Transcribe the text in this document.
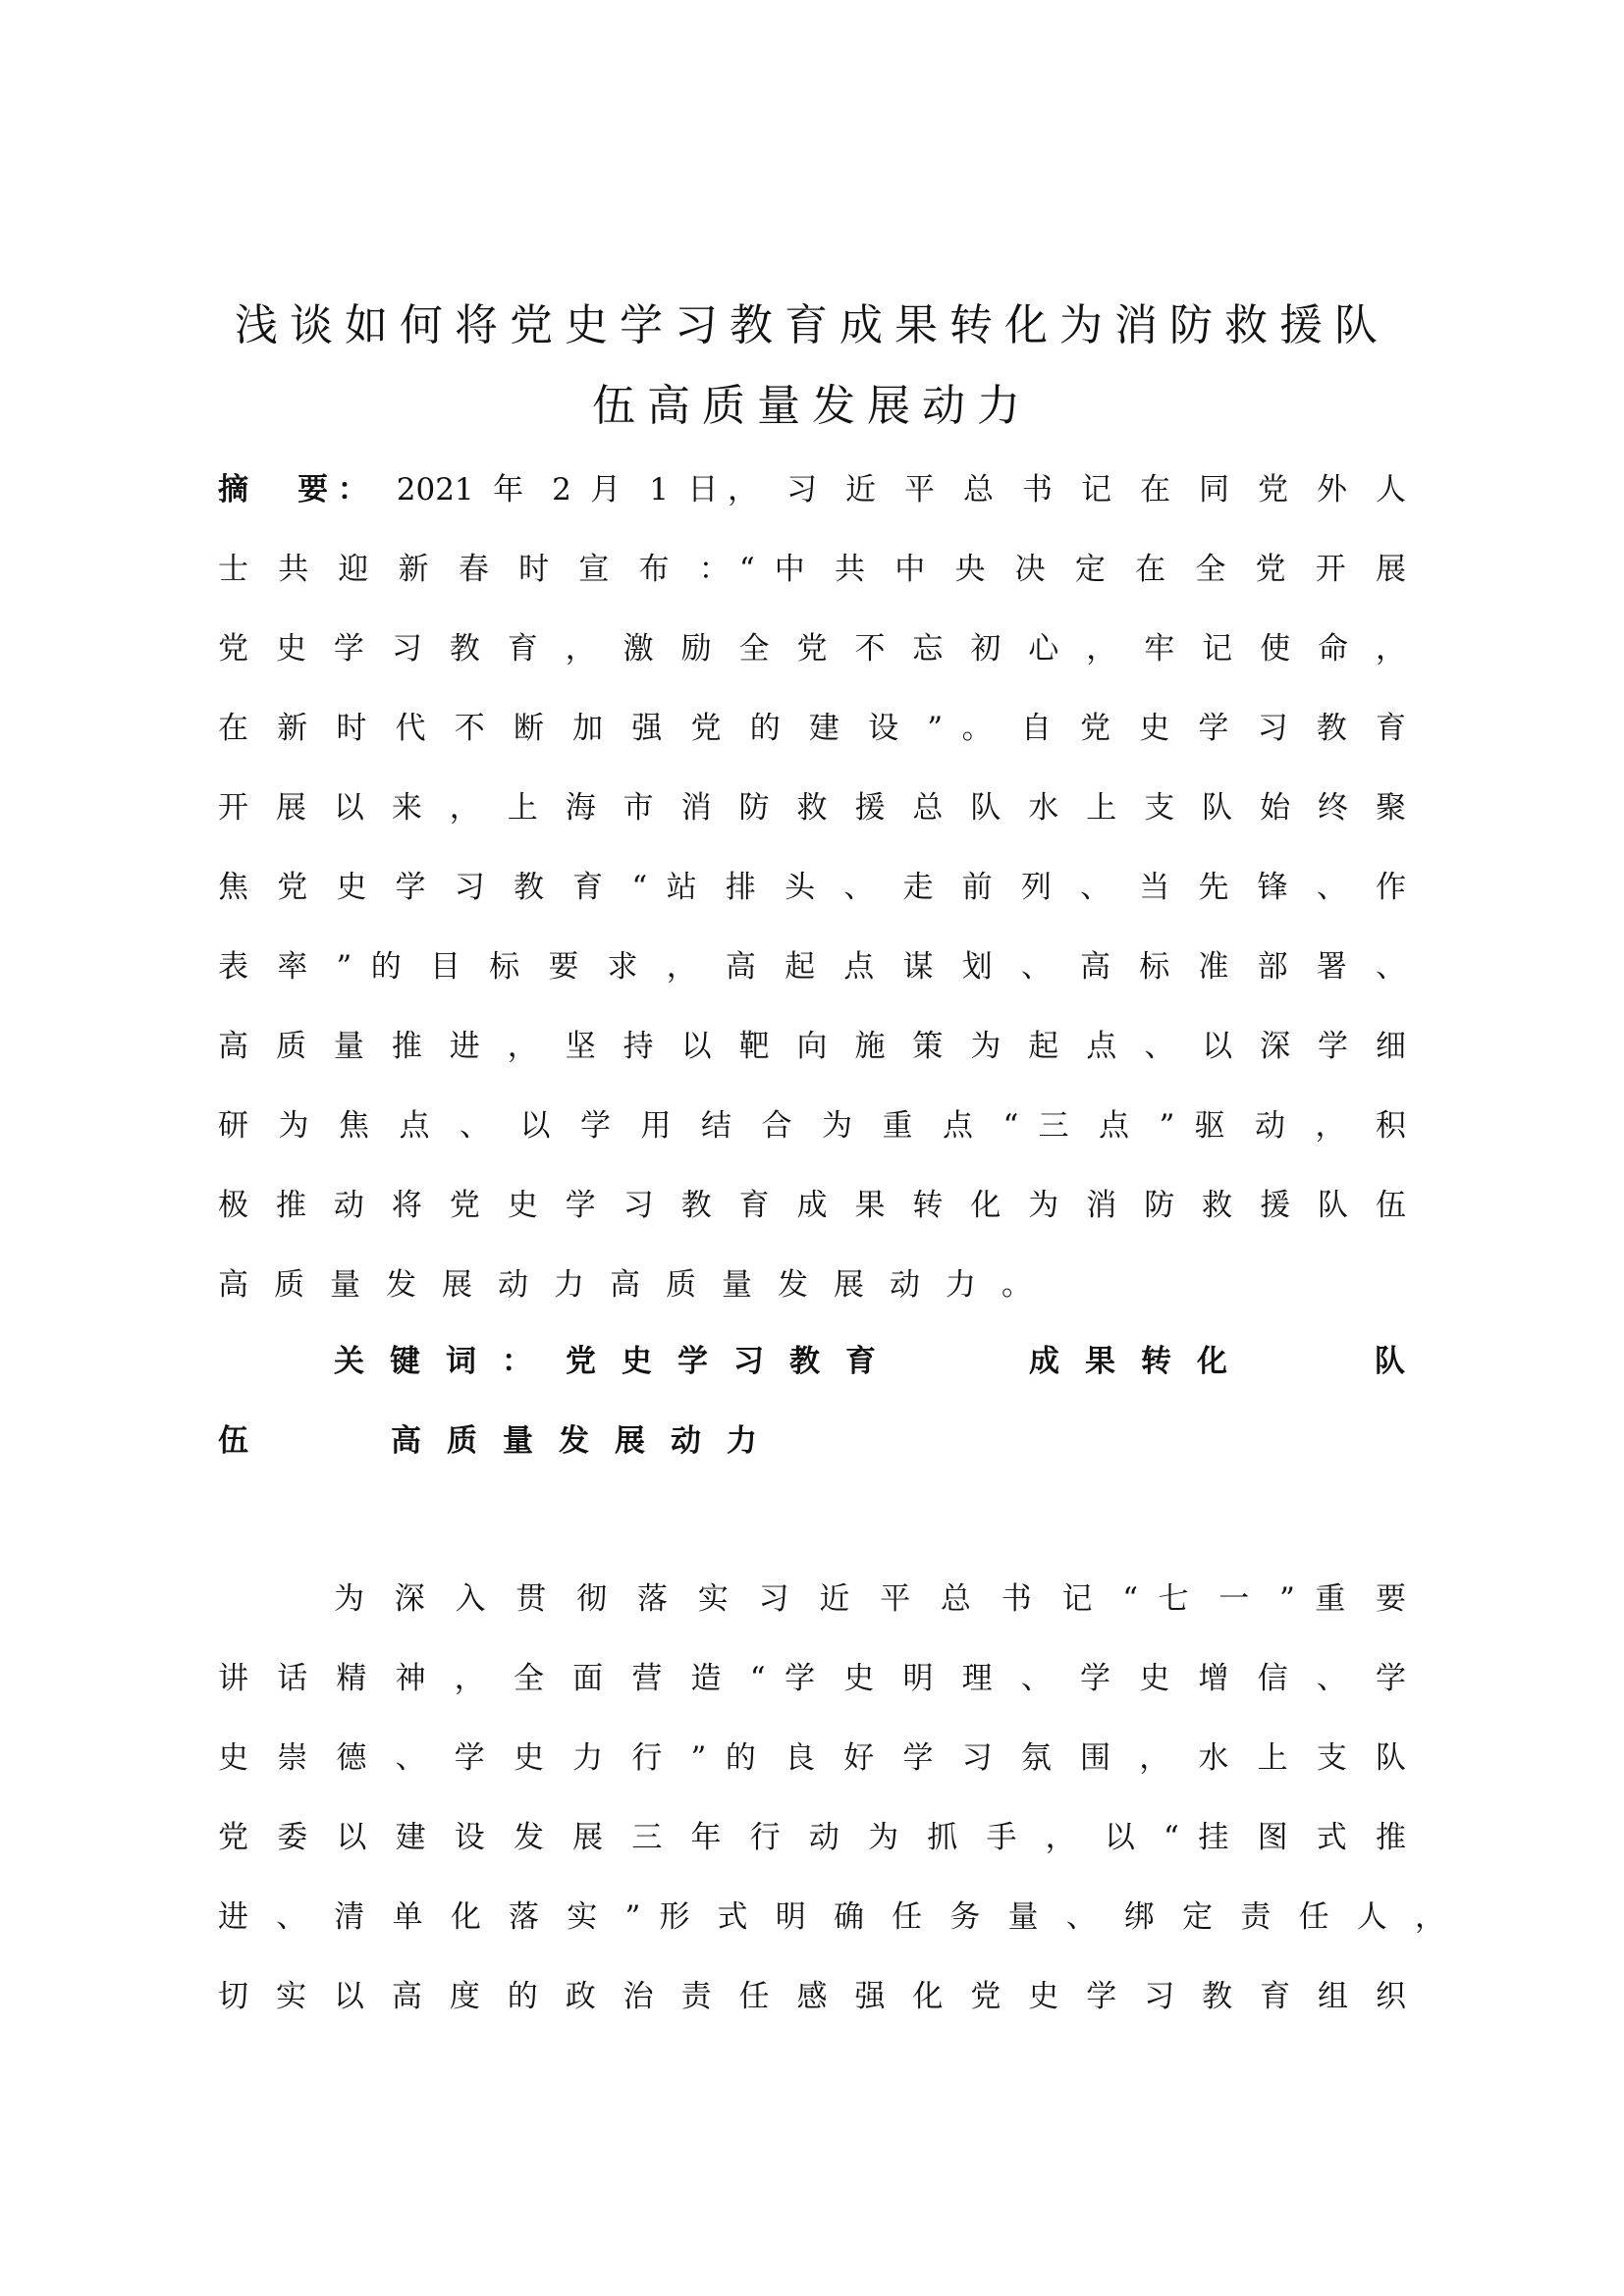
浅谈如何将党史学习教育成果转化为消防救援队
伍高质量发展动力
摘　要： 2021 年 2 月 1 日， 习 近 平 总 书 记 在 同 党 外 人
士 共 迎 新 春 时 宣 布 ：“ 中 共 中 央 决 定 在 全 党 开 展
党 史 学 习 教 育 ， 激 励 全 党 不 忘 初 心 ， 牢 记 使 命 ，
在 新 时 代 不 断 加 强 党 的 建 设 ” 。 自 党 史 学 习 教 育
开 展 以 来 ， 上 海 市 消 防 救 援 总 队 水 上 支 队 始 终 聚
焦 党 史 学 习 教 育 “ 站 排 头 、 走 前 列 、 当 先 锋 、 作
表 率 ” 的 目 标 要 求 ， 高 起 点 谋 划 、 高 标 准 部 署 、
高 质 量 推 进 ， 坚 持 以 靶 向 施 策 为 起 点 、 以 深 学 细
研 为 焦 点 、 以 学 用 结 合 为 重 点 “ 三 点 ” 驱 动 ， 积
极 推 动 将 党 史 学 习 教 育 成 果 转 化 为 消 防 救 援 队 伍
高质量发展动力高质量发展动力。
关键词： 党史学习教育	成果转化	队
伍	高质量发展动力
为 深 入 贯 彻 落 实 习 近 平 总 书 记 “ 七 一 ” 重 要
讲 话 精 神 ， 全 面 营 造 “ 学 史 明 理 、 学 史 增 信 、 学
史 崇 德 、 学 史 力 行 ” 的 良 好 学 习 氛 围 ， 水 上 支 队
党 委 以 建 设 发 展 三 年 行 动 为 抓 手 ， 以 “ 挂 图 式 推
进 、 清 单 化 落 实 ” 形 式 明 确 任 务 量 、 绑 定 责 任 人 ，
切 实 以 高 度 的 政 治 责 任 感 强 化 党 史 学 习 教 育 组 织
